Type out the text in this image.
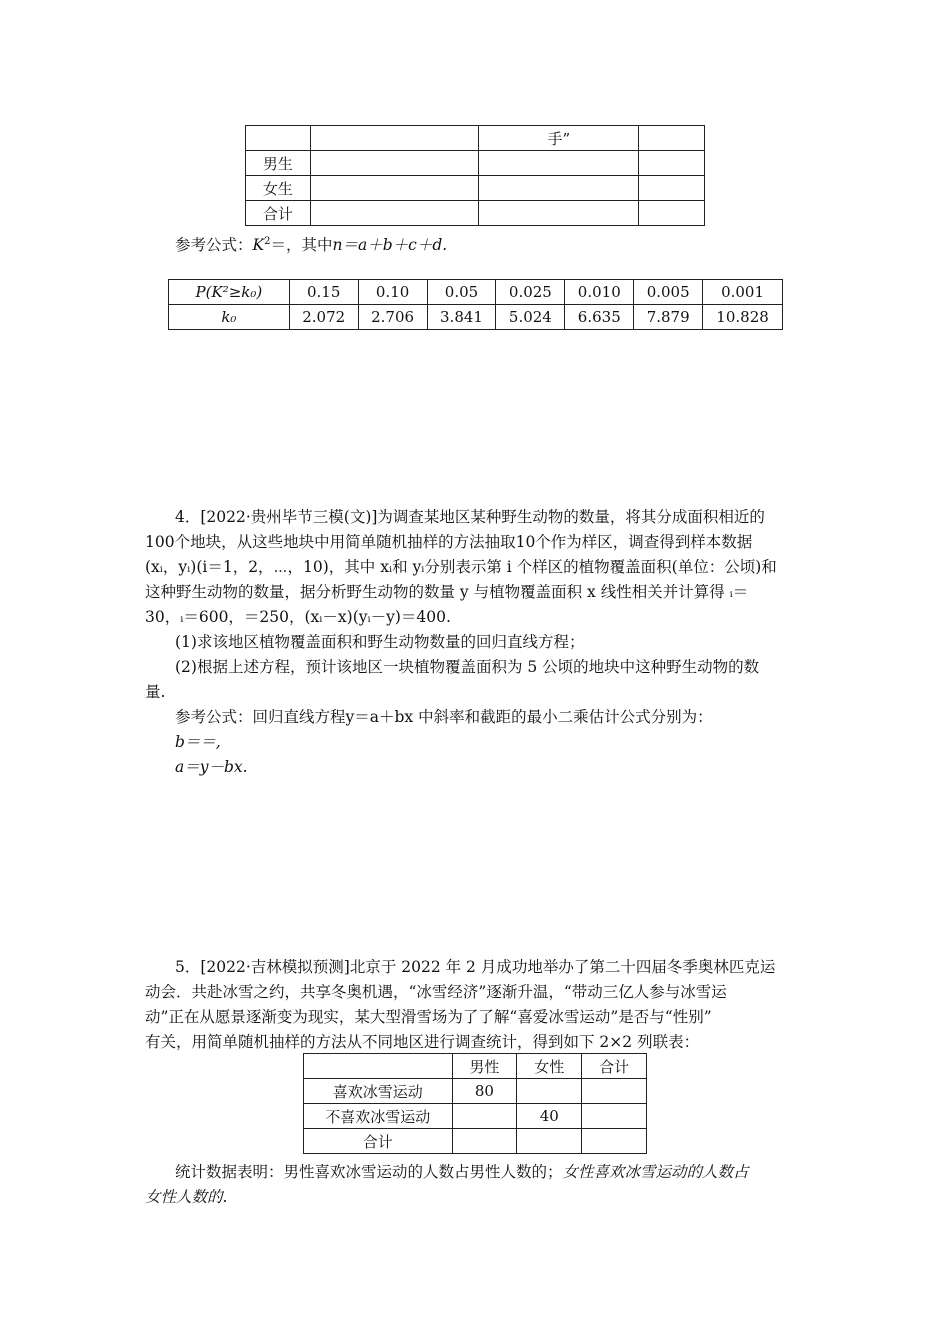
		手”	
男生			
女生			
合计			
参考公式：$K^2=$，其中n＝a＋b＋c＋d.
P(K²≥k₀)	0.15	0.10	0.05	0.025	0.010	0.005	0.001
k₀	2.072	2.706	3.841	5.024	6.635	7.879	10.828
4．[2022·贵州毕节三模(文)]为调查某地区某种野生动物的数量，将其分成面积相近的
100个地块，从这些地块中用简单随机抽样的方法抽取10个作为样区，调查得到样本数据
(xᵢ，yᵢ)(i＝1，2，⋯，10)，其中 xᵢ和 yᵢ分别表示第 i 个样区的植物覆盖面积(单位：公顷)和
这种野生动物的数量，据分析野生动物的数量 y 与植物覆盖面积 x 线性相关并计算得 ᵢ＝
30，ᵢ＝600，＝250，(xᵢ－x)(yᵢ－y)＝400.
(1)求该地区植物覆盖面积和野生动物数量的回归直线方程；
(2)根据上述方程，预计该地区一块植物覆盖面积为 5 公顷的地块中这种野生动物的数
量.
参考公式：回归直线方程y＝a＋bx 中斜率和截距的最小二乘估计公式分别为：
b＝＝,
a＝y－bx.
5．[2022·吉林模拟预测]北京于 2022 年 2 月成功地举办了第二十四届冬季奥林匹克运
动会．共赴冰雪之约，共享冬奥机遇，“冰雪经济”逐渐升温，“带动三亿人参与冰雪运
动”正在从愿景逐渐变为现实，某大型滑雪场为了了解“喜爱冰雪运动”是否与“性别”
有关，用简单随机抽样的方法从不同地区进行调查统计，得到如下 2×2 列联表：
	男性	女性	合计
喜欢冰雪运动	80		
不喜欢冰雪运动		40	
合计			
统计数据表明：男性喜欢冰雪运动的人数占男性人数的；女性喜欢冰雪运动的人数占
女性人数的.
